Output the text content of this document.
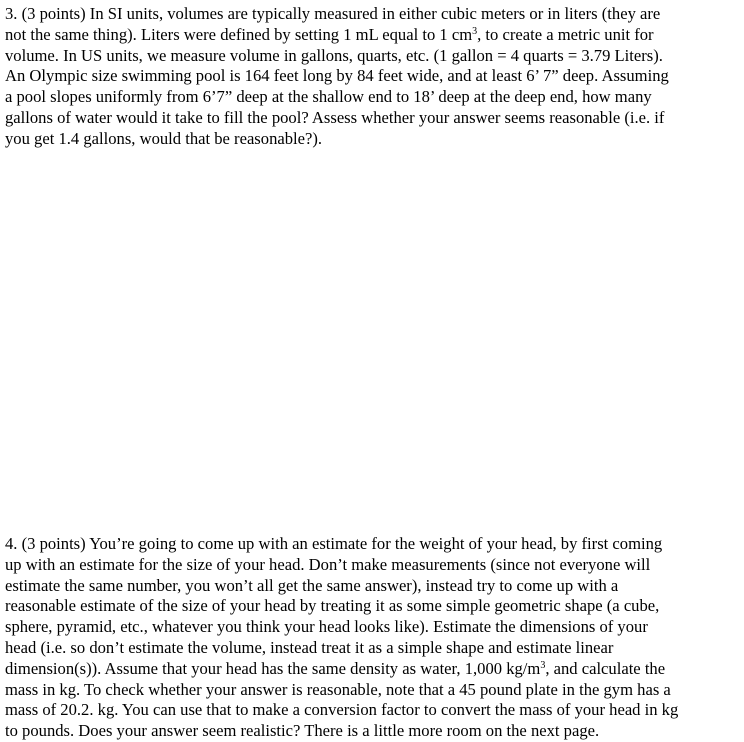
3. (3 points) In SI units, volumes are typically measured in either cubic meters or in liters (they are
not the same thing). Liters were defined by setting 1 mL equal to 1 $cm^3$, to create a metric unit for
volume. In US units, we measure volume in gallons, quarts, etc. (1 gallon = 4 quarts = 3.79 Liters).
An Olympic size swimming pool is 164 feet long by 84 feet wide, and at least 6’ 7” deep. Assuming
a pool slopes uniformly from 6’7” deep at the shallow end to 18’ deep at the deep end, how many
gallons of water would it take to fill the pool? Assess whether your answer seems reasonable (i.e. if
you get 1.4 gallons, would that be reasonable?).
4. (3 points) You’re going to come up with an estimate for the weight of your head, by first coming
up with an estimate for the size of your head. Don’t make measurements (since not everyone will
estimate the same number, you won’t all get the same answer), instead try to come up with a
reasonable estimate of the size of your head by treating it as some simple geometric shape (a cube,
sphere, pyramid, etc., whatever you think your head looks like). Estimate the dimensions of your
head (i.e. so don’t estimate the volume, instead treat it as a simple shape and estimate linear
dimension(s)). Assume that your head has the same density as water, 1,000 $kg/m^3$, and calculate the
mass in kg. To check whether your answer is reasonable, note that a 45 pound plate in the gym has a
mass of 20.2. kg. You can use that to make a conversion factor to convert the mass of your head in kg
to pounds. Does your answer seem realistic? There is a little more room on the next page.
